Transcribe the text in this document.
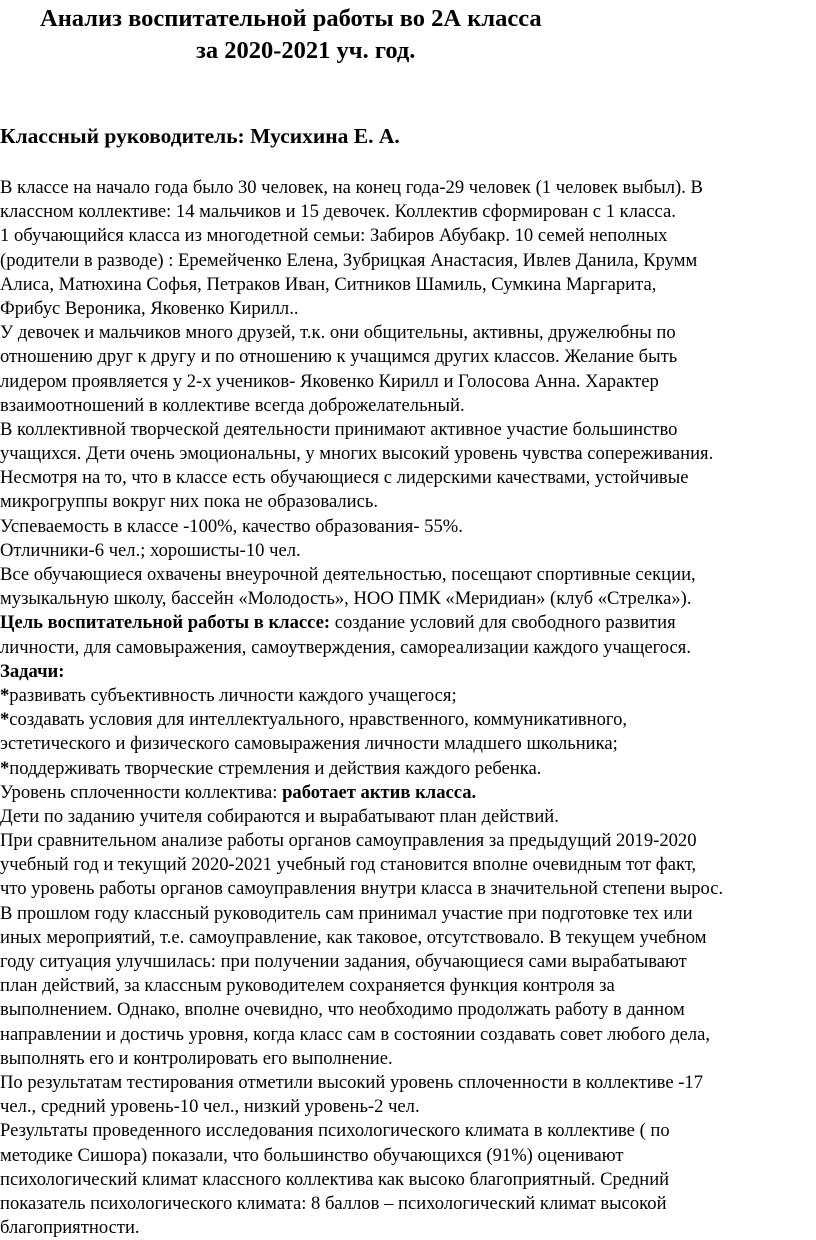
Анализ воспитательной работы во 2А класса
за 2020-2021 уч. год.
Классный руководитель: Мусихина Е. А.
В классе на начало года было 30 человек, на конец года-29 человек (1 человек выбыл). В
классном коллективе: 14 мальчиков и 15 девочек. Коллектив сформирован с 1 класса.
1 обучающийся класса из многодетной семьи: Забиров Абубакр. 10 семей неполных
(родители в разводе) : Еремейченко Елена, Зубрицкая Анастасия, Ивлев Данила, Крумм
Алиса, Матюхина Софья, Петраков Иван, Ситников Шамиль, Сумкина Маргарита,
Фрибус Вероника, Яковенко Кирилл..
У девочек и мальчиков много друзей, т.к. они общительны, активны, дружелюбны по
отношению друг к другу и по отношению к учащимся других классов. Желание быть
лидером проявляется у 2-х учеников- Яковенко Кирилл и Голосова Анна. Характер
взаимоотношений в коллективе всегда доброжелательный.
В коллективной творческой деятельности принимают активное участие большинство
учащихся. Дети очень эмоциональны, у многих высокий уровень чувства сопереживания.
Несмотря на то, что в классе есть обучающиеся с лидерскими качествами, устойчивые
микрогруппы вокруг них пока не образовались.
Успеваемость в классе -100%, качество образования- 55%.
Отличники-6 чел.; хорошисты-10 чел.
Все обучающиеся охвачены внеурочной деятельностью, посещают спортивные секции,
музыкальную школу, бассейн «Молодость», НОО ПМК «Меридиан» (клуб «Стрелка»).
Цель воспитательной работы в классе: создание условий для свободного развития
личности, для самовыражения, самоутверждения, самореализации каждого учащегося.
Задачи:
*развивать субъективность личности каждого учащегося;
*создавать условия для интеллектуального, нравственного, коммуникативного,
эстетического и физического самовыражения личности младшего школьника;
*поддерживать творческие стремления и действия каждого ребенка.
Уровень сплоченности коллектива: работает актив класса.
Дети по заданию учителя собираются и вырабатывают план действий.
При сравнительном анализе работы органов самоуправления за предыдущий 2019-2020
учебный год и текущий 2020-2021 учебный год становится вполне очевидным тот факт,
что уровень работы органов самоуправления внутри класса в значительной степени вырос.
В прошлом году классный руководитель сам принимал участие при подготовке тех или
иных мероприятий, т.е. самоуправление, как таковое, отсутствовало. В текущем учебном
году ситуация улучшилась: при получении задания, обучающиеся сами вырабатывают
план действий, за классным руководителем сохраняется функция контроля за
выполнением. Однако, вполне очевидно, что необходимо продолжать работу в данном
направлении и достичь уровня, когда класс сам в состоянии создавать совет любого дела,
выполнять его и контролировать его выполнение.
По результатам тестирования отметили высокий уровень сплоченности в коллективе -17
чел., средний уровень-10 чел., низкий уровень-2 чел.
Результаты проведенного исследования психологического климата в коллективе ( по
методике Сишора) показали, что большинство обучающихся (91%) оценивают
психологический климат классного коллектива как высоко благоприятный. Средний
показатель психологического климата: 8 баллов – психологический климат высокой
благоприятности.
